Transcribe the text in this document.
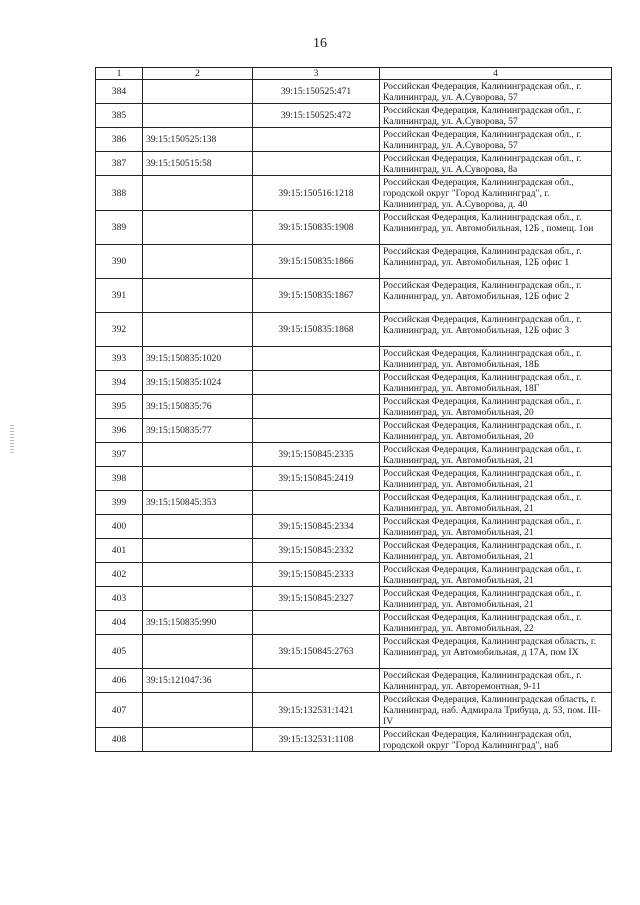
16
1	2	3	4
384		39:15:150525:471	Российская Федерация, Калининградская обл., г. Калининград, ул. А.Суворова, 57
385		39:15:150525:472	Российская Федерация, Калининградская обл., г. Калининград, ул. А.Суворова, 57
386	39:15:150525:138		Российская Федерация, Калининградская обл., г. Калининград, ул. А.Суворова, 57
387	39:15:150515:58		Российская Федерация, Калининградская обл., г. Калининград, ул. А.Суворова, 8а
388		39:15:150516:1218	Российская Федерация, Калининградская обл., городской округ "Город Калининград", г. Калининград, ул. А.Суворова, д. 40
389		39:15:150835:1908	Российская Федерация, Калининградская обл., г. Калининград, ул. Автомобильная, 12Б , помещ. 1ои
390		39:15:150835:1866	Российская Федерация, Калининградская обл., г. Калининград, ул. Автомобильная, 12Б офис 1
391		39:15:150835:1867	Российская Федерация, Калининградская обл., г. Калининград, ул. Автомобильная, 12Б офис 2
392		39:15:150835:1868	Российская Федерация, Калининградская обл., г. Калининград, ул. Автомобильная, 12Б офис 3
393	39:15:150835:1020		Российская Федерация, Калининградская обл., г. Калининград, ул. Автомобильная, 18Б
394	39:15:150835:1024		Российская Федерация, Калининградская обл., г. Калининград, ул. Автомобильная, 18Г
395	39:15:150835:76		Российская Федерация, Калининградская обл., г. Калининград, ул. Автомобильная, 20
396	39:15:150835:77		Российская Федерация, Калининградская обл., г. Калининград, ул. Автомобильная, 20
397		39:15:150845:2335	Российская Федерация, Калининградская обл., г. Калининград, ул. Автомобильная, 21
398		39:15:150845:2419	Российская Федерация, Калининградская обл., г. Калининград, ул. Автомобильная, 21
399	39:15:150845:353		Российская Федерация, Калининградская обл., г. Калининград, ул. Автомобильная, 21
400		39:15:150845:2334	Российская Федерация, Калининградская обл., г. Калининград, ул. Автомобильная, 21
401		39:15:150845:2332	Российская Федерация, Калининградская обл., г. Калининград, ул. Автомобильная, 21
402		39:15:150845:2333	Российская Федерация, Калининградская обл., г. Калининград, ул. Автомобильная, 21
403		39:15:150845:2327	Российская Федерация, Калининградская обл., г. Калининград, ул. Автомобильная, 21
404	39:15:150835:990		Российская Федерация, Калининградская обл., г. Калининград, ул. Автомобильная, 22
405		39:15:150845:2763	Российская Федерация, Калининградская область, г. Калининград, ул Автомобильная, д 17А, пом IX
406	39:15:121047:36		Российская Федерация, Калининградская обл., г. Калининград, ул. Авторемонтная, 9-11
407		39:15:132531:1421	Российская Федерация, Калининградская область, г. Калининград, наб. Адмирала Трибуца, д. 53, пом. III-IV
408		39:15:132531:1108	Российская Федерация, Калининградская обл, городской округ "Город Калининград", наб
